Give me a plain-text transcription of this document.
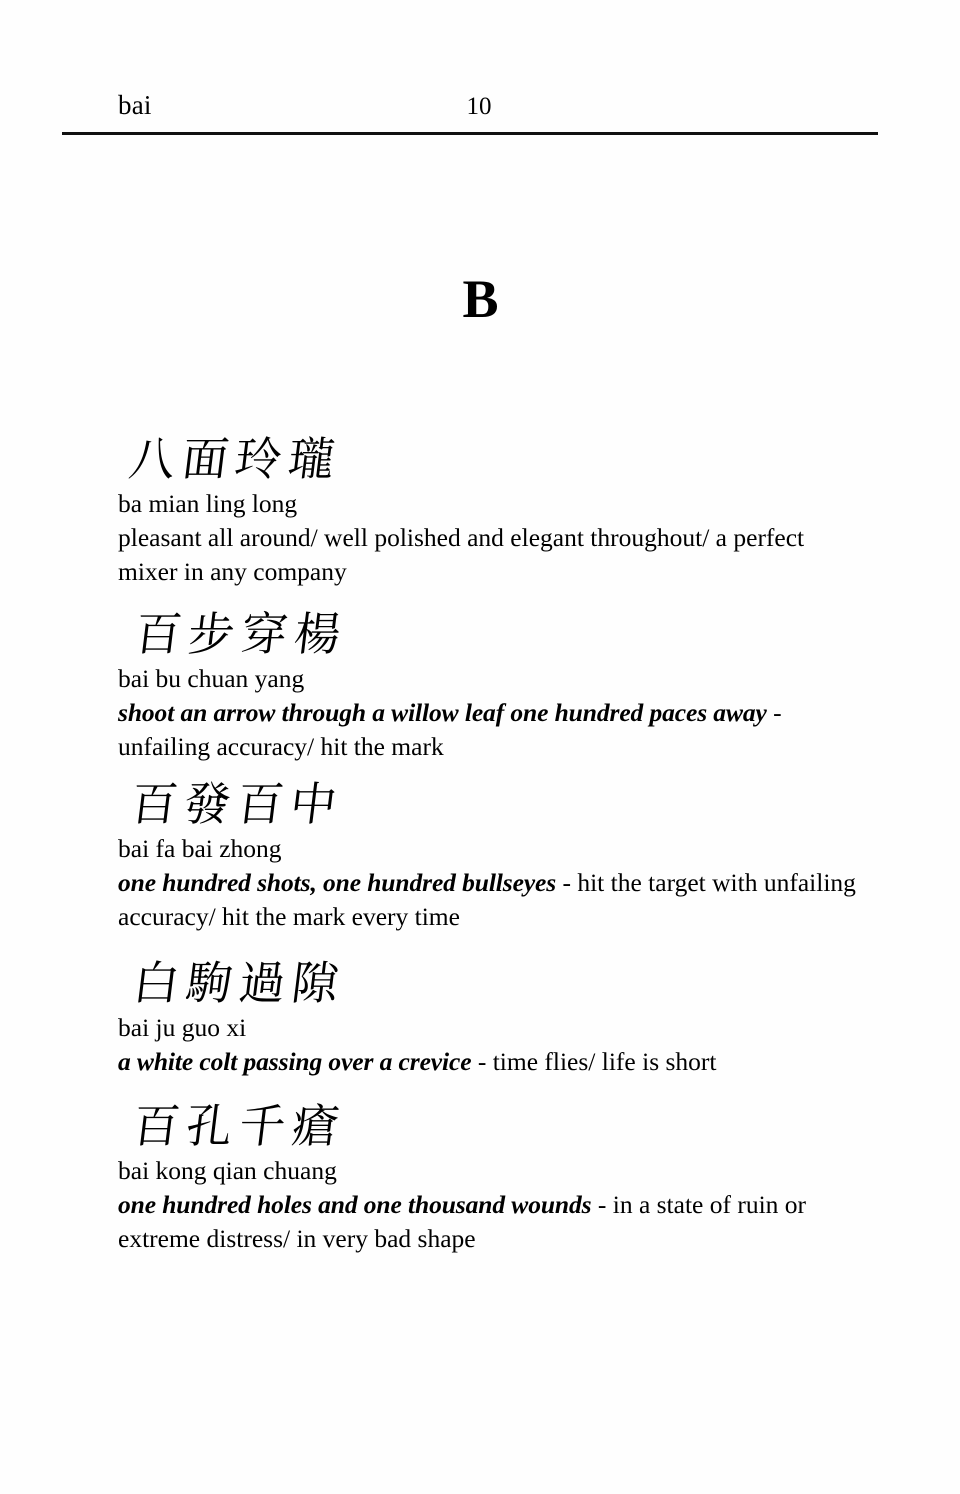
bai	10
B
八面玲瓏
ba mian ling long
pleasant all around/ well polished and elegant throughout/ a perfect mixer in any company
百步穿楊
bai bu chuan yang
shoot an arrow through a willow leaf one hundred paces away - unfailing accuracy/ hit the mark
百發百中
bai fa bai zhong
one hundred shots, one hundred bullseyes - hit the target with unfailing accuracy/ hit the mark every time
白駒過隙
bai ju guo xi
a white colt passing over a crevice - time flies/ life is short
百孔千瘡
bai kong qian chuang
one hundred holes and one thousand wounds - in a state of ruin or extreme distress/ in very bad shape
